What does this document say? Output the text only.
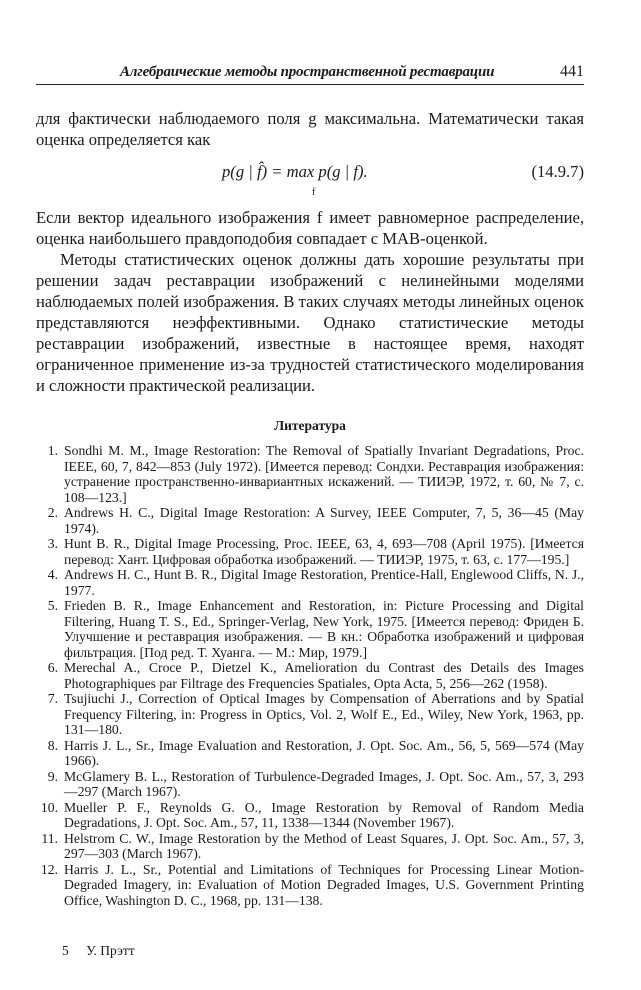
Алгебраические методы пространственной реставрации	441

для фактически наблюдаемого поля g максимальна. Математически такая оценка определяется как

p(g | f̂) = max p(g | f).
f
(14.9.7)

Если вектор идеального изображения f имеет равномерное распределение, оценка наибольшего правдоподобия совпадает с МАВ-оценкой.

Методы статистических оценок должны дать хорошие результаты при решении задач реставрации изображений с нелинейными моделями наблюдаемых полей изображения. В таких случаях методы линейных оценок представляются неэффективными. Однако статистические методы реставрации изображений, известные в настоящее время, находят ограниченное применение из-за трудностей статистического моделирования и сложности практической реализации.

Литература
1. Sondhi M. M., Image Restoration: The Removal of Spatially Invariant Degradations, Proc. IEEE, 60, 7, 842—853 (July 1972). [Имеется перевод: Сондхи. Реставрация изображения: устранение пространственно-инвариантных искажений. — ТИИЭР, 1972, т. 60, № 7, с. 108—123.]
2. Andrews H. C., Digital Image Restoration: A Survey, IEEE Computer, 7, 5, 36—45 (May 1974).
3. Hunt B. R., Digital Image Processing, Proc. IEEE, 63, 4, 693—708 (April 1975). [Имеется перевод: Хант. Цифровая обработка изображений. — ТИИЭР, 1975, т. 63, с. 177—195.]
4. Andrews H. C., Hunt B. R., Digital Image Restoration, Prentice-Hall, Englewood Cliffs, N. J., 1977.
5. Frieden B. R., Image Enhancement and Restoration, in: Picture Processing and Digital Filtering, Huang T. S., Ed., Springer-Verlag, New York, 1975. [Имеется перевод: Фриден Б. Улучшение и реставрация изображения. — В кн.: Обработка изображений и цифровая фильтрация. [Под ред. Т. Хуанга. — М.: Мир, 1979.]
6. Merechal A., Croce P., Dietzel K., Amelioration du Contrast des Details des Images Photographiques par Filtrage des Frequencies Spatiales, Opta Acta, 5, 256—262 (1958).
7. Tsujiuchi J., Correction of Optical Images by Compensation of Aberrations and by Spatial Frequency Filtering, in: Progress in Optics, Vol. 2, Wolf E., Ed., Wiley, New York, 1963, pp. 131—180.
8. Harris J. L., Sr., Image Evaluation and Restoration, J. Opt. Soc. Am., 56, 5, 569—574 (May 1966).
9. McGlamery B. L., Restoration of Turbulence-Degraded Images, J. Opt. Soc. Am., 57, 3, 293—297 (March 1967).
10. Mueller P. F., Reynolds G. O., Image Restoration by Removal of Random Media Degradations, J. Opt. Soc. Am., 57, 11, 1338—1344 (November 1967).
11. Helstrom C. W., Image Restoration by the Method of Least Squares, J. Opt. Soc. Am., 57, 3, 297—303 (March 1967).
12. Harris J. L., Sr., Potential and Limitations of Techniques for Processing Linear Motion-Degraded Imagery, in: Evaluation of Motion Degraded Images, U.S. Government Printing Office, Washington D. C., 1968, pp. 131—138.
5 У. Прэтт
